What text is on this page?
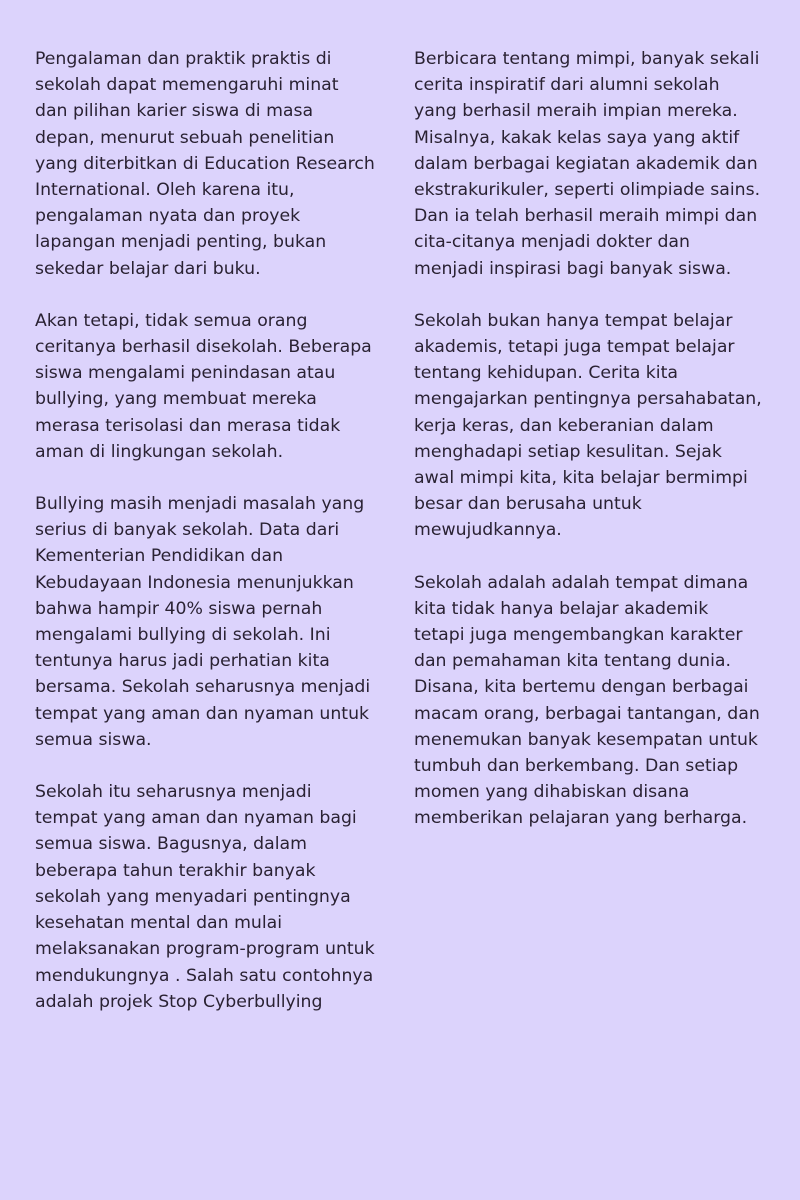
Pengalaman dan praktik praktis di sekolah dapat memengaruhi minat dan pilihan karier siswa di masa depan, menurut sebuah penelitian yang diterbitkan di Education Research International. Oleh karena itu, pengalaman nyata dan proyek lapangan menjadi penting, bukan sekedar belajar dari buku.

Akan tetapi, tidak semua orang ceritanya berhasil disekolah. Beberapa siswa mengalami penindasan atau bullying, yang membuat mereka merasa terisolasi dan merasa tidak aman di lingkungan sekolah.

Bullying masih menjadi masalah yang serius di banyak sekolah. Data dari Kementerian Pendidikan dan Kebudayaan Indonesia menunjukkan bahwa hampir 40% siswa pernah mengalami bullying di sekolah. Ini tentunya harus jadi perhatian kita bersama. Sekolah seharusnya menjadi tempat yang aman dan nyaman untuk semua siswa.

Sekolah itu seharusnya menjadi tempat yang aman dan nyaman bagi semua siswa. Bagusnya, dalam beberapa tahun terakhir banyak sekolah yang menyadari pentingnya kesehatan mental dan mulai melaksanakan program-program untuk mendukungnya . Salah satu contohnya adalah projek Stop Cyberbullying

Berbicara tentang mimpi, banyak sekali cerita inspiratif dari alumni sekolah yang berhasil meraih impian mereka. Misalnya, kakak kelas saya yang aktif dalam berbagai kegiatan akademik dan ekstrakurikuler, seperti olimpiade sains. Dan ia telah berhasil meraih mimpi dan cita-citanya menjadi dokter dan menjadi inspirasi bagi banyak siswa.

Sekolah bukan hanya tempat belajar akademis, tetapi juga tempat belajar tentang kehidupan. Cerita kita mengajarkan pentingnya persahabatan, kerja keras, dan keberanian dalam menghadapi setiap kesulitan. Sejak awal mimpi kita, kita belajar bermimpi besar dan berusaha untuk mewujudkannya.

Sekolah adalah adalah tempat dimana kita tidak hanya belajar akademik tetapi juga mengembangkan karakter dan pemahaman kita tentang dunia. Disana, kita bertemu dengan berbagai macam orang, berbagai tantangan, dan menemukan banyak kesempatan untuk tumbuh dan berkembang. Dan setiap momen yang dihabiskan disana memberikan pelajaran yang berharga.
